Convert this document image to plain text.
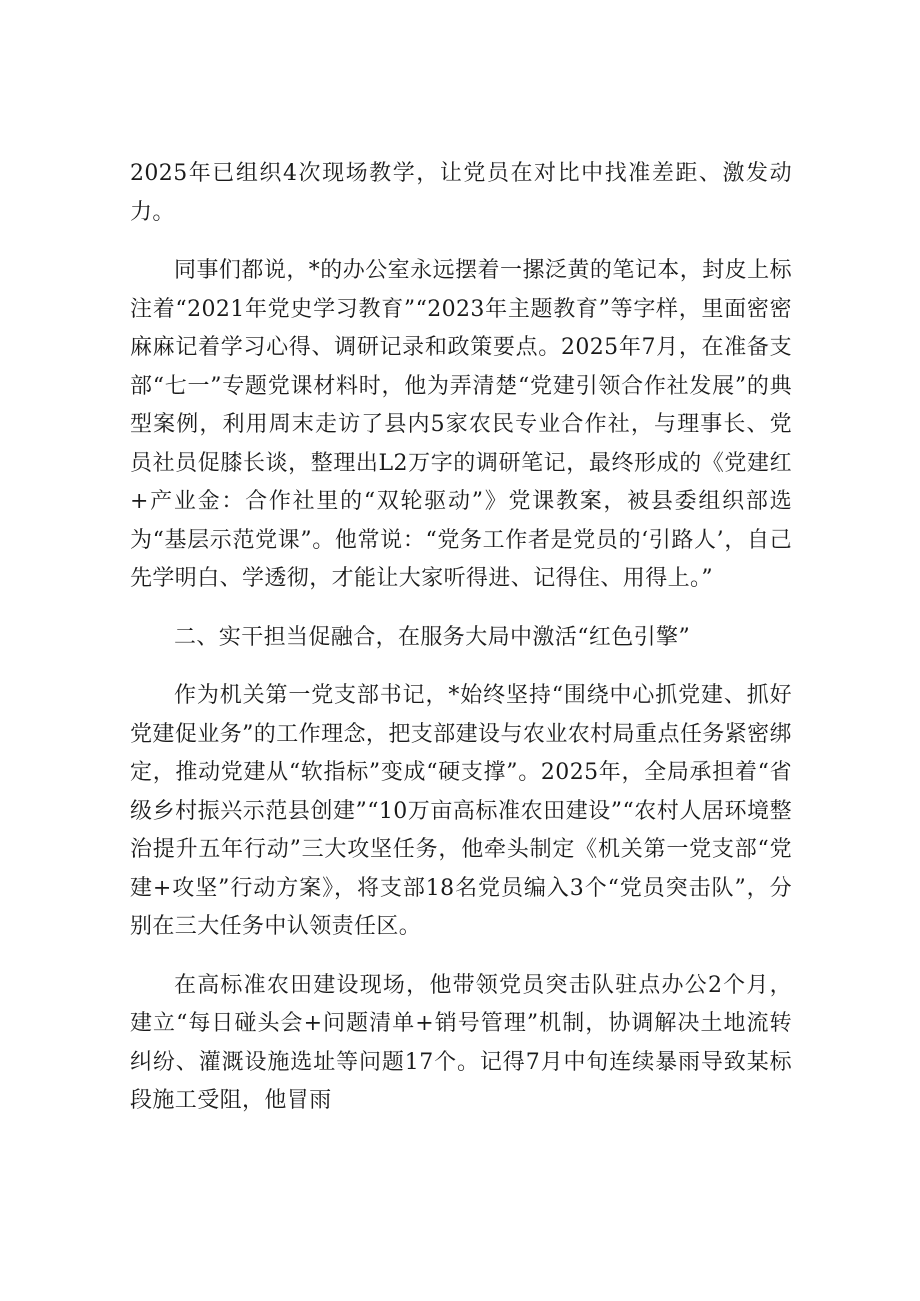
2025年已组织4次现场教学，让党员在对比中找准差距、激发动力。

同事们都说，*的办公室永远摆着一摞泛黄的笔记本，封皮上标注着“2021年党史学习教育”“2023年主题教育”等字样，里面密密麻麻记着学习心得、调研记录和政策要点。2025年7月，在准备支部“七一”专题党课材料时，他为弄清楚“党建引领合作社发展”的典型案例，利用周末走访了县内5家农民专业合作社，与理事长、党员社员促膝长谈，整理出L2万字的调研笔记，最终形成的《党建红+产业金：合作社里的“双轮驱动”》党课教案，被县委组织部选为“基层示范党课”。他常说：“党务工作者是党员的‘引路人’，自己先学明白、学透彻，才能让大家听得进、记得住、用得上。”

二、实干担当促融合，在服务大局中激活“红色引擎”

作为机关第一党支部书记，*始终坚持“围绕中心抓党建、抓好党建促业务”的工作理念，把支部建设与农业农村局重点任务紧密绑定，推动党建从“软指标”变成“硬支撑”。2025年，全局承担着“省级乡村振兴示范县创建”“10万亩高标准农田建设”“农村人居环境整治提升五年行动”三大攻坚任务，他牵头制定《机关第一党支部“党建+攻坚”行动方案》，将支部18名党员编入3个“党员突击队”，分别在三大任务中认领责任区。

在高标准农田建设现场，他带领党员突击队驻点办公2个月，建立“每日碰头会+问题清单+销号管理”机制，协调解决土地流转纠纷、灌溉设施选址等问题17个。记得7月中旬连续暴雨导致某标段施工受阻，他冒雨
